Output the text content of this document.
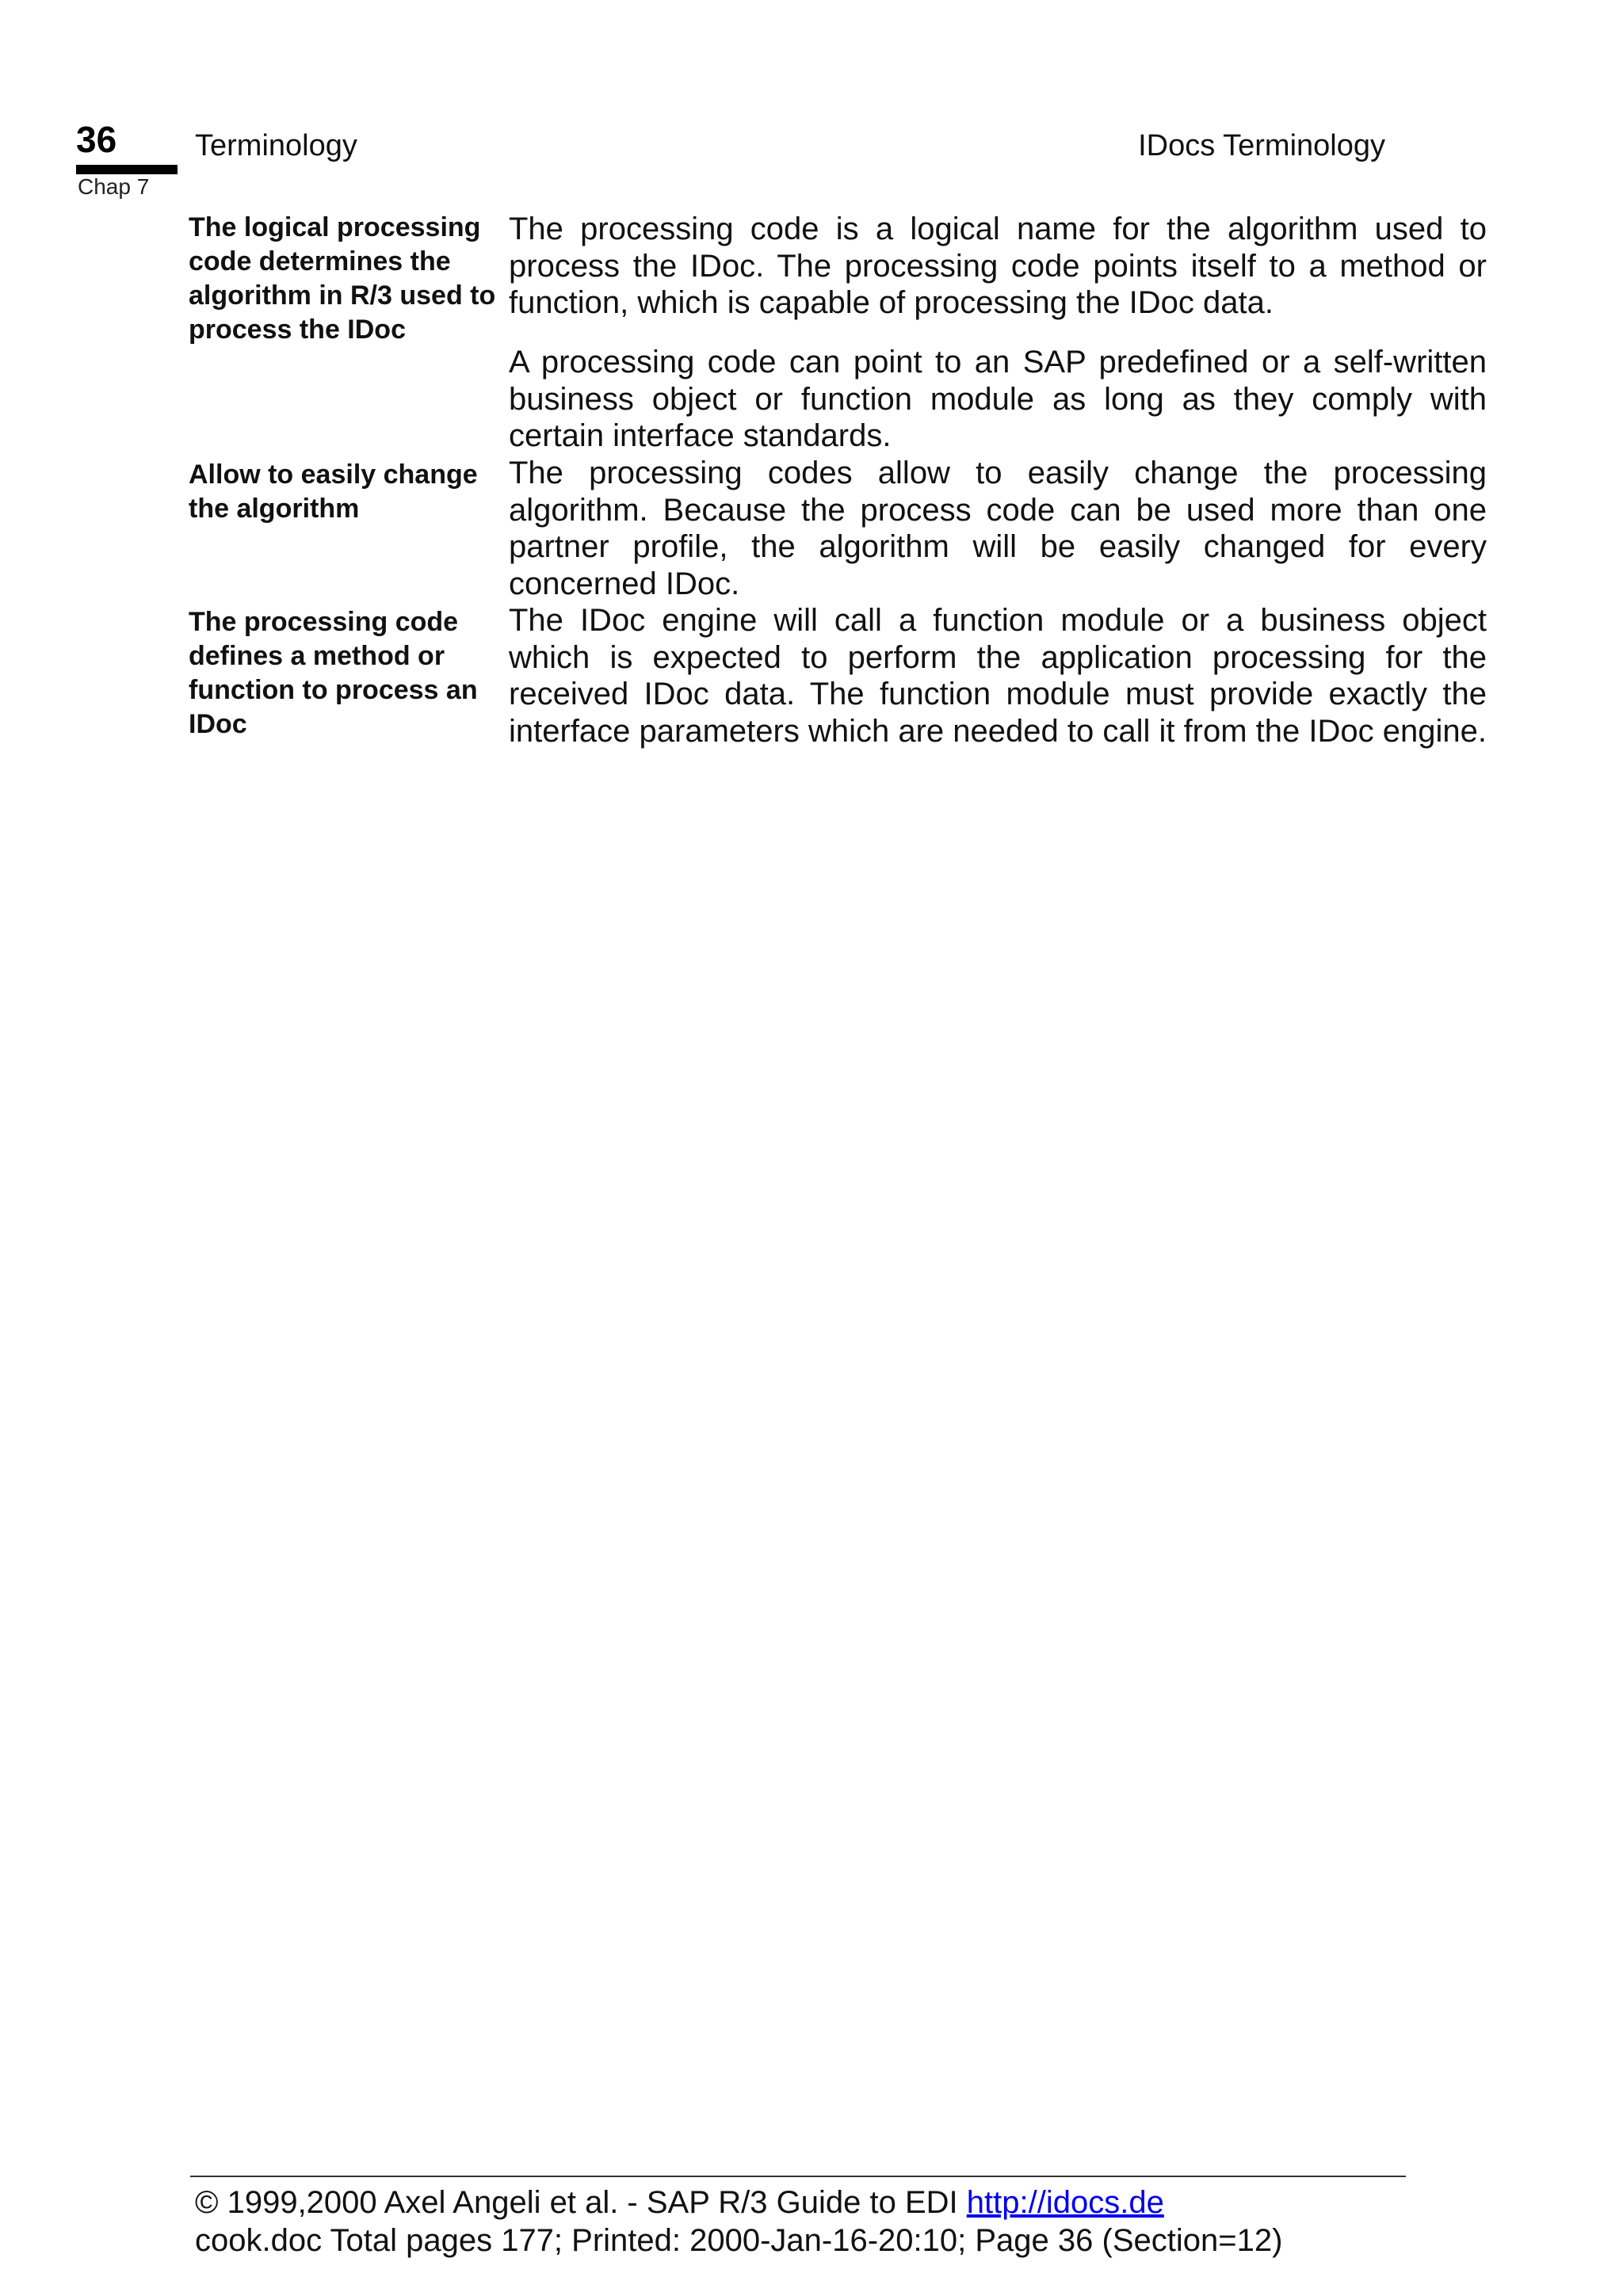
36
Chap 7
Terminology	IDocs Terminology
The logical processing code determines the algorithm in R/3 used to process the IDoc
The processing code is a logical name for the algorithm used to process the IDoc. The processing code points itself to a method or function, which is capable of processing the IDoc data.
A processing code can point to an SAP predefined or a self-written business object or function module as long as they comply with certain interface standards.
Allow to easily change the algorithm
The processing codes allow to easily change the processing algorithm. Because the process code can be used more than one partner profile, the algorithm will be easily changed for every concerned IDoc.
The processing code defines a method or function to process an IDoc
The IDoc engine will call a function module or a business object which is expected to perform the application processing for the received IDoc data. The function module must provide exactly the interface parameters which are needed to call it from the IDoc engine.
© 1999,2000 Axel Angeli et al. - SAP R/3 Guide to EDI http://idocs.de
cook.doc Total pages 177; Printed: 2000-Jan-16-20:10; Page 36 (Section=12)
